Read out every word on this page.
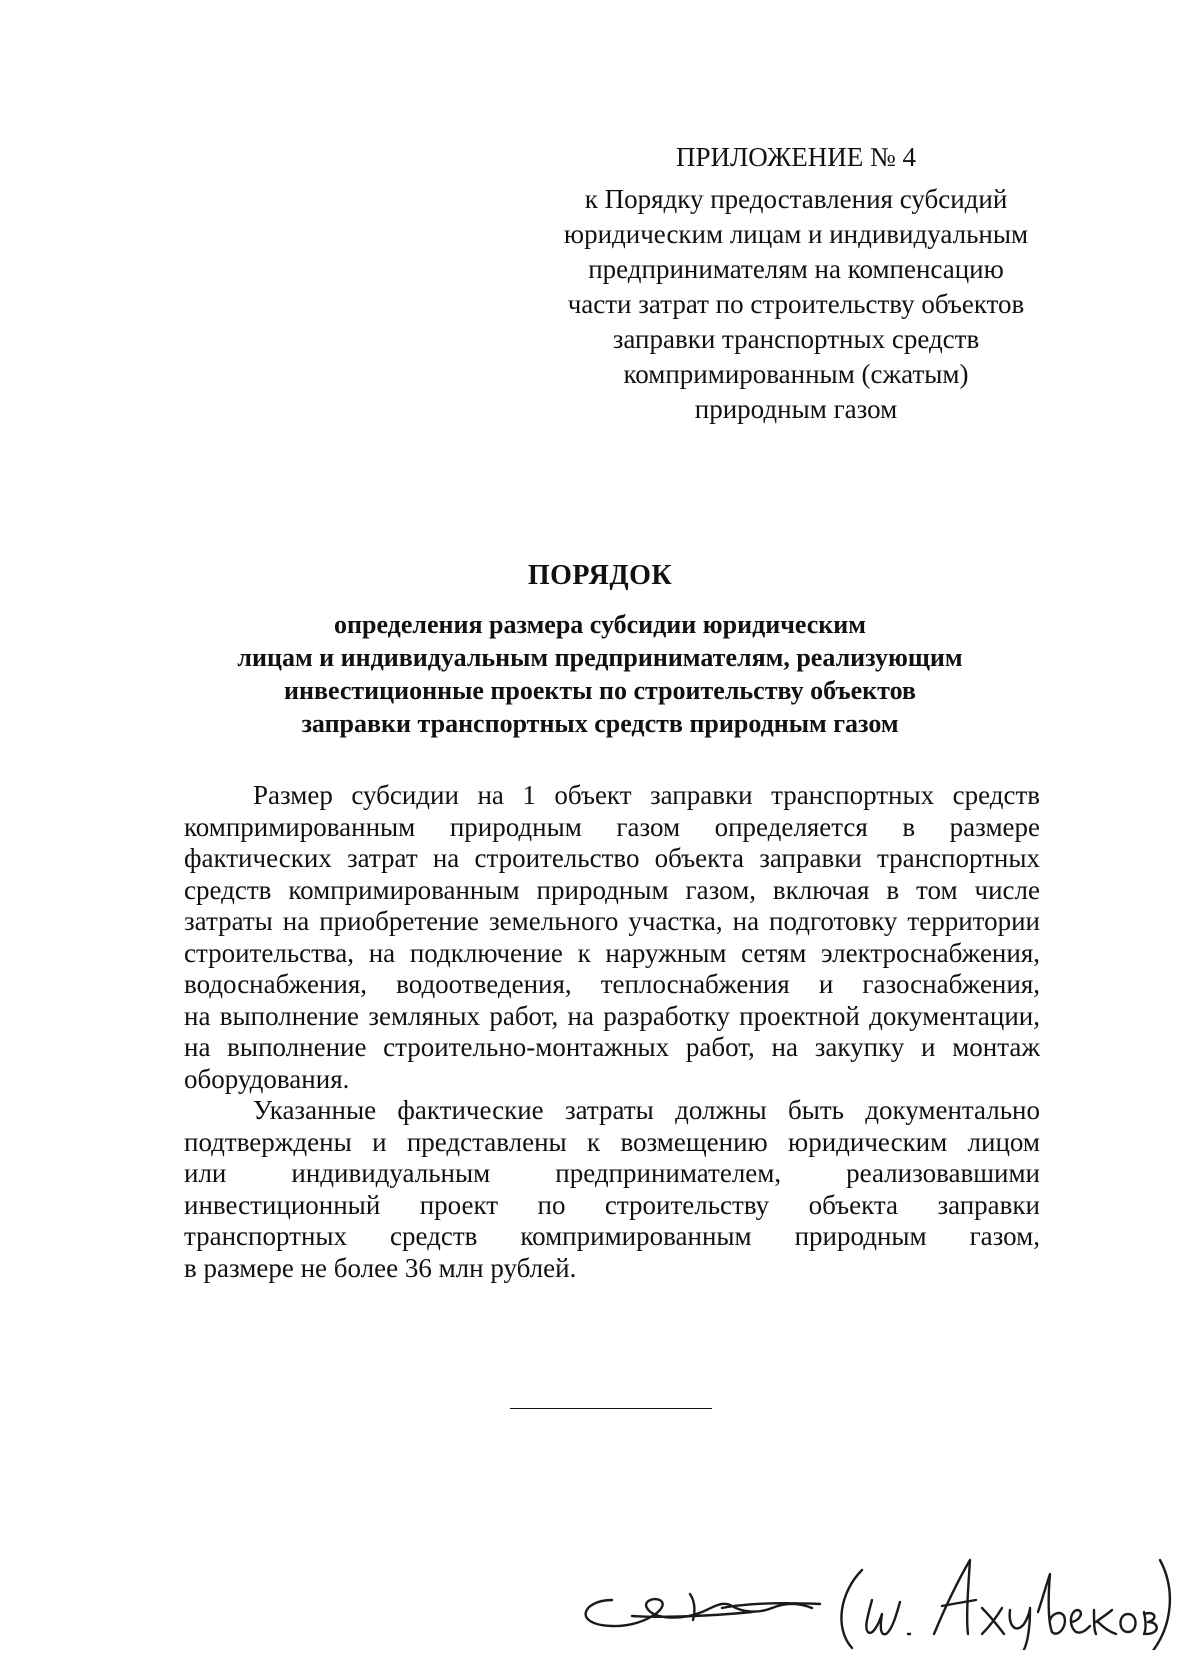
ПРИЛОЖЕНИЕ № 4
к Порядку предоставления субсидий
юридическим лицам и индивидуальным
предпринимателям на компенсацию
части затрат по строительству объектов
заправки транспортных средств
компримированным (сжатым)
природным газом
ПОРЯДОК
определения размера субсидии юридическим
лицам и индивидуальным предпринимателям, реализующим
инвестиционные проекты по строительству объектов
заправки транспортных средств природным газом
Размер субсидии на 1 объект заправки транспортных средств
компримированным природным газом определяется в размере
фактических затрат на строительство объекта заправки транспортных
средств компримированным природным газом, включая в том числе
затраты на приобретение земельного участка, на подготовку территории
строительства, на подключение к наружным сетям электроснабжения,
водоснабжения, водоотведения, теплоснабжения и газоснабжения,
на выполнение земляных работ, на разработку проектной документации,
на выполнение строительно-монтажных работ, на закупку и монтаж
оборудования.
Указанные фактические затраты должны быть документально
подтверждены и представлены к возмещению юридическим лицом
или индивидуальным предпринимателем, реализовавшими
инвестиционный проект по строительству объекта заправки
транспортных средств компримированным природным газом,
в размере не более 36 млн рублей.
